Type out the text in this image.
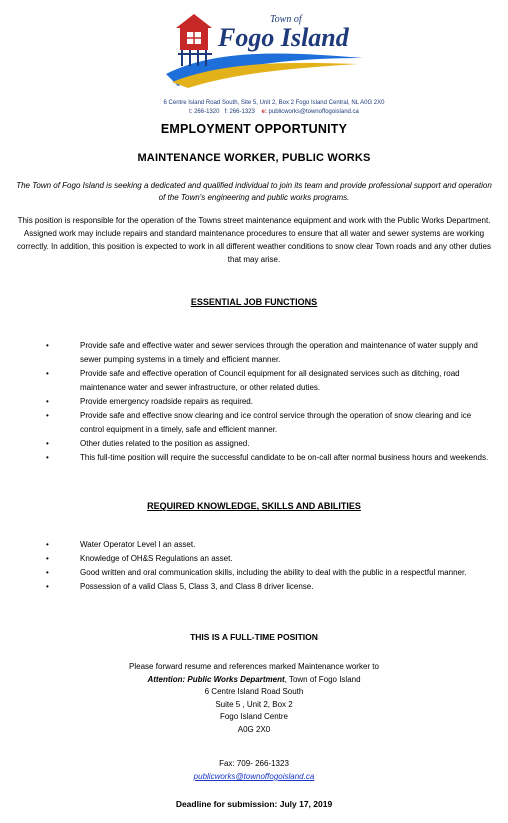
Town of
Fogo Island
6 Centre Island Road South, Site 5, Unit 2, Box 2 Fogo Island Central, NL A0G 2X0
t: 266-1320 f: 266-1323 e: publicworks@townoffogoisland.ca
EMPLOYMENT OPPORTUNITY
MAINTENANCE WORKER, PUBLIC WORKS
The Town of Fogo Island is seeking a dedicated and qualified individual to join its team and provide professional support and operation of the Town's engineering and public works programs.
This position is responsible for the operation of the Towns street maintenance equipment and work with the Public Works Department. Assigned work may include repairs and standard maintenance procedures to ensure that all water and sewer systems are working correctly. In addition, this position is expected to work in all different weather conditions to snow clear Town roads and any other duties that may arise.
ESSENTIAL JOB FUNCTIONS
• Provide safe and effective water and sewer services through the operation and maintenance of water supply and sewer pumping systems in a timely and efficient manner.
• Provide safe and effective operation of Council equipment for all designated services such as ditching, road maintenance water and sewer infrastructure, or other related duties.
• Provide emergency roadside repairs as required.
• Provide safe and effective snow clearing and ice control service through the operation of snow clearing and ice control equipment in a timely, safe and efficient manner.
• Other duties related to the position as assigned.
• This full-time position will require the successful candidate to be on-call after normal business hours and weekends.
REQUIRED KNOWLEDGE, SKILLS AND ABILITIES
• Water Operator Level I an asset.
• Knowledge of OH&S Regulations an asset.
• Good written and oral communication skills, including the ability to deal with the public in a respectful manner.
• Possession of a valid Class 5, Class 3, and Class 8 driver license.
THIS IS A FULL-TIME POSITION
Please forward resume and references marked Maintenance worker to
Attention: Public Works Department, Town of Fogo Island
6 Centre Island Road South
Suite 5 , Unit 2, Box 2
Fogo Island Centre
A0G 2X0
Fax: 709- 266-1323
publicworks@townoffogoisland.ca
Deadline for submission: July 17, 2019
